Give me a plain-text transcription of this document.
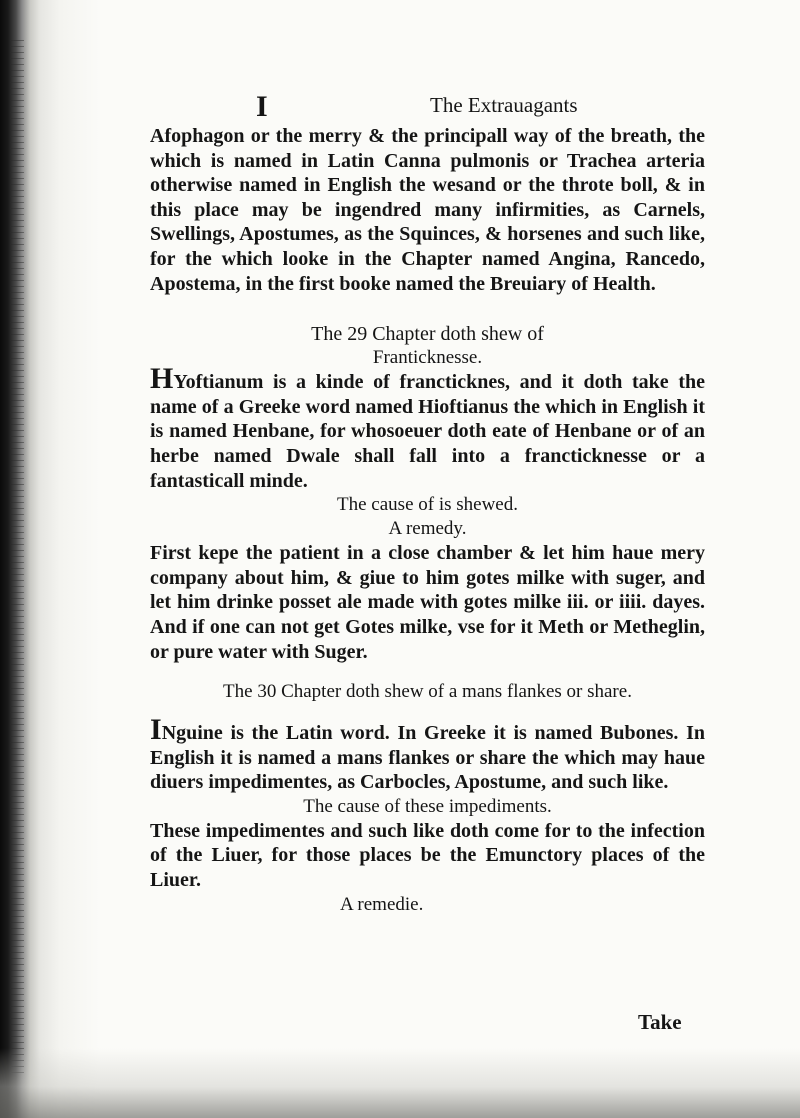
I	The Extrauagants

Afophagon or the merry & the principall way of the breath, the which is named in Latin Canna pulmonis or Trachea arteria otherwise named in English the wesand or the throte boll, & in this place may be ingendred many infirmities, as Carnels, Swellings, Apostumes, as the Squinces, & horsenes and such like, for the which looke in the Chapter named Angina, Rancedo, Apostema, in the first booke named the Breuiary of Health.

The 29 Chapter doth shew of
Franticknesse.

HYoftianum is a kinde of francticknes, and it doth take the name of a Greeke word named Hioftianus the which in English it is named Henbane, for whosoeuer doth eate of Henbane or of an herbe named Dwale shall fall into a francticknesse or a fantasticall minde.

The cause of is shewed.
A remedy.

First kepe the patient in a close chamber & let him haue mery company about him, & giue to him gotes milke with suger, and let him drinke posset ale made with gotes milke iii. or iiii. dayes. And if one can not get Gotes milke, vse for it Meth or Metheglin, or pure water with Suger.

The 30 Chapter doth shew of a mans flankes or share.

INguine is the Latin word. In Greeke it is named Bubones. In English it is named a mans flankes or share the which may haue diuers impedimentes, as Carbocles, Apostume, and such like.

The cause of these impediments.

These impedimentes and such like doth come for to the infection of the Liuer, for those places be the Emunctory places of the Liuer.

A remedie.
Take
